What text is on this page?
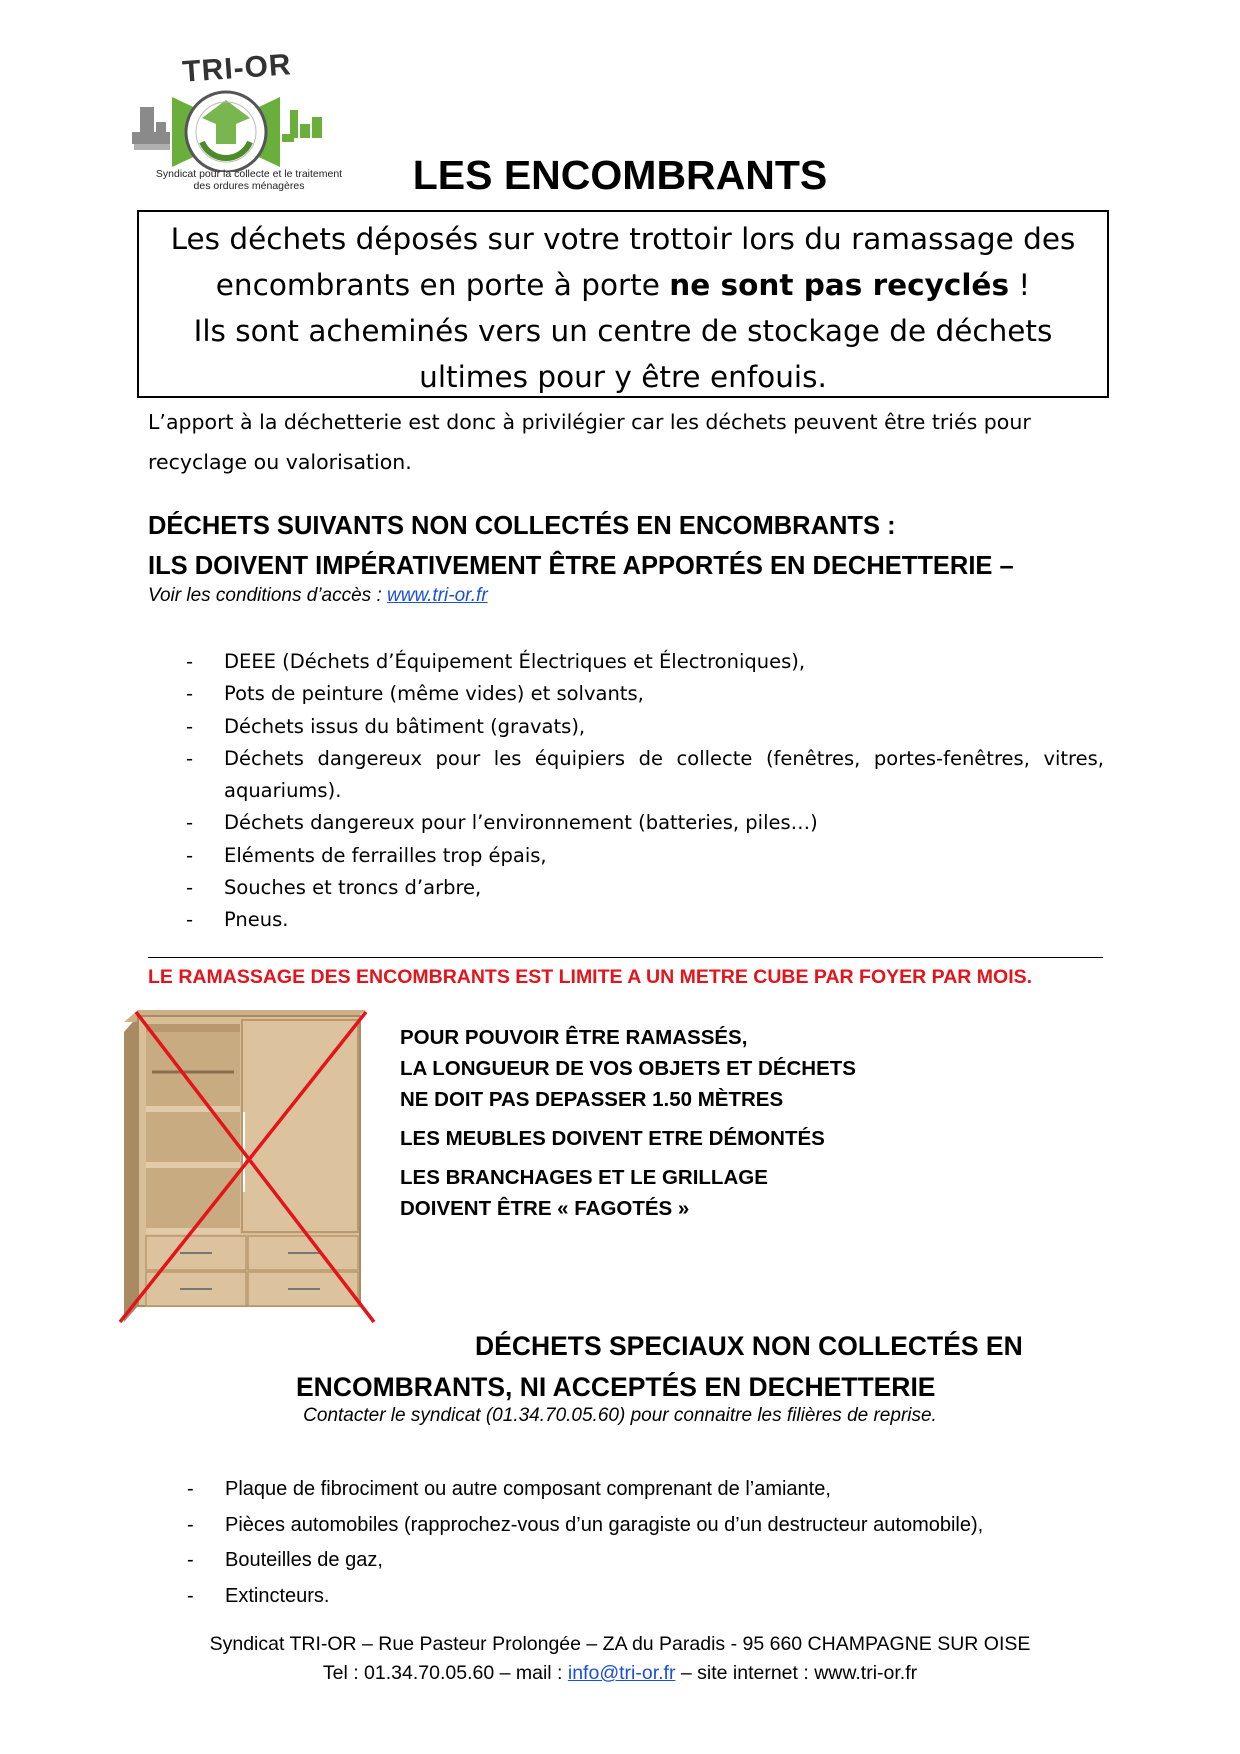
TRI-OR
Syndicat pour la collecte et le traitement
des ordures ménagères	LES ENCOMBRANTS
Les déchets déposés sur votre trottoir lors du ramassage des
encombrants en porte à porte ne sont pas recyclés !
Ils sont acheminés vers un centre de stockage de déchets
ultimes pour y être enfouis.
L’apport à la déchetterie est donc à privilégier car les déchets peuvent être triés pour recyclage ou valorisation.
DÉCHETS SUIVANTS NON COLLECTÉS EN ENCOMBRANTS :
ILS DOIVENT IMPÉRATIVEMENT ÊTRE APPORTÉS EN DECHETTERIE –
Voir les conditions d’accès : www.tri-or.fr
- DEEE (Déchets d’Équipement Électriques et Électroniques),
- Pots de peinture (même vides) et solvants,
- Déchets issus du bâtiment (gravats),
- Déchets dangereux pour les équipiers de collecte (fenêtres, portes-fenêtres, vitres, aquariums).
- Déchets dangereux pour l’environnement (batteries, piles…)
- Eléments de ferrailles trop épais,
- Souches et troncs d’arbre,
- Pneus.
LE RAMASSAGE DES ENCOMBRANTS EST LIMITE A UN METRE CUBE PAR FOYER PAR MOIS.

POUR POUVOIR ÊTRE RAMASSÉS,
LA LONGUEUR DE VOS OBJETS ET DÉCHETS
NE DOIT PAS DEPASSER 1.50 MÈTRES

LES MEUBLES DOIVENT ETRE DÉMONTÉS

LES BRANCHAGES ET LE GRILLAGE
DOIVENT ÊTRE « FAGOTÉS »

DÉCHETS SPECIAUX NON COLLECTÉS EN
ENCOMBRANTS, NI ACCEPTÉS EN DECHETTERIE
Contacter le syndicat (01.34.70.05.60) pour connaitre les filières de reprise.
- Plaque de fibrociment ou autre composant comprenant de l’amiante,
- Pièces automobiles (rapprochez-vous d’un garagiste ou d’un destructeur automobile),
- Bouteilles de gaz,
- Extincteurs.
Syndicat TRI-OR – Rue Pasteur Prolongée – ZA du Paradis - 95 660 CHAMPAGNE SUR OISE
Tel : 01.34.70.05.60 – mail : info@tri-or.fr – site internet : www.tri-or.fr
